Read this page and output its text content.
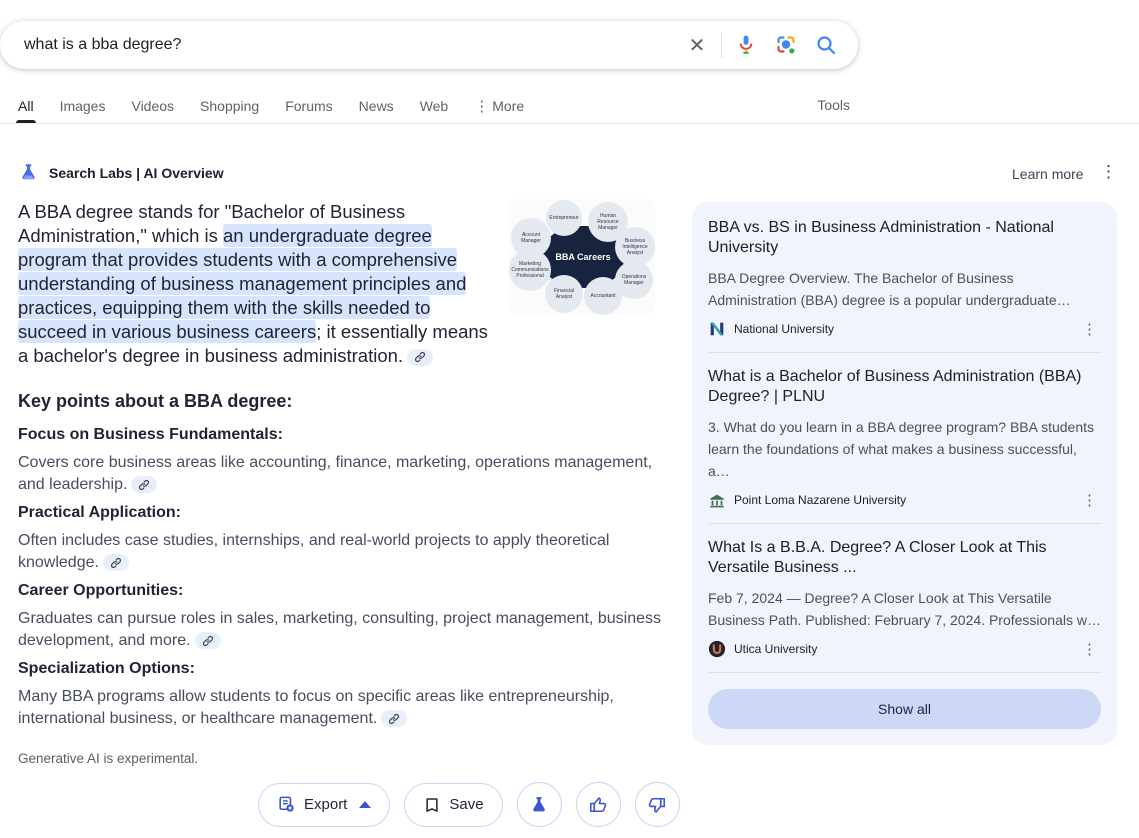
what is a bba degree?
✕
All Images Videos Shopping Forums News Web ⋮ More	Tools
Search Labs | AI Overview	Learn more ⋮
A BBA degree stands for "Bachelor of Business Administration," which is an undergraduate degree program that provides students with a comprehensive understanding of business management principles and practices, equipping them with the skills needed to succeed in various business careers; it essentially means a bachelor's degree in business administration.
BBA Careers
Entrepreneur	Human Resource Manager
Business Intelligence Analyst
Operations Manager
Accountant
Financial Analyst
Marketing Communications Professional
Account Manager
Key points about a BBA degree:
Focus on Business Fundamentals:

Covers core business areas like accounting, finance, marketing, operations management, and leadership.

Practical Application:

Often includes case studies, internships, and real-world projects to apply theoretical knowledge.

Career Opportunities:

Graduates can pursue roles in sales, marketing, consulting, project management, business development, and more.

Specialization Options:

Many BBA programs allow students to focus on specific areas like entrepreneurship, international business, or healthcare management.

Generative AI is experimental.
Export	Save
BBA vs. BS in Business Administration - National University
BBA Degree Overview. The Bachelor of Business Administration (BBA) degree is a popular undergraduate…
National University	⋮
What is a Bachelor of Business Administration (BBA) Degree? | PLNU
3. What do you learn in a BBA degree program? BBA students learn the foundations of what makes a business successful, a…
Point Loma Nazarene University	⋮
What Is a B.B.A. Degree? A Closer Look at This Versatile Business ...
Feb 7, 2024 — Degree? A Closer Look at This Versatile Business Path. Published: February 7, 2024. Professionals w…
Utica University	⋮
Show all
